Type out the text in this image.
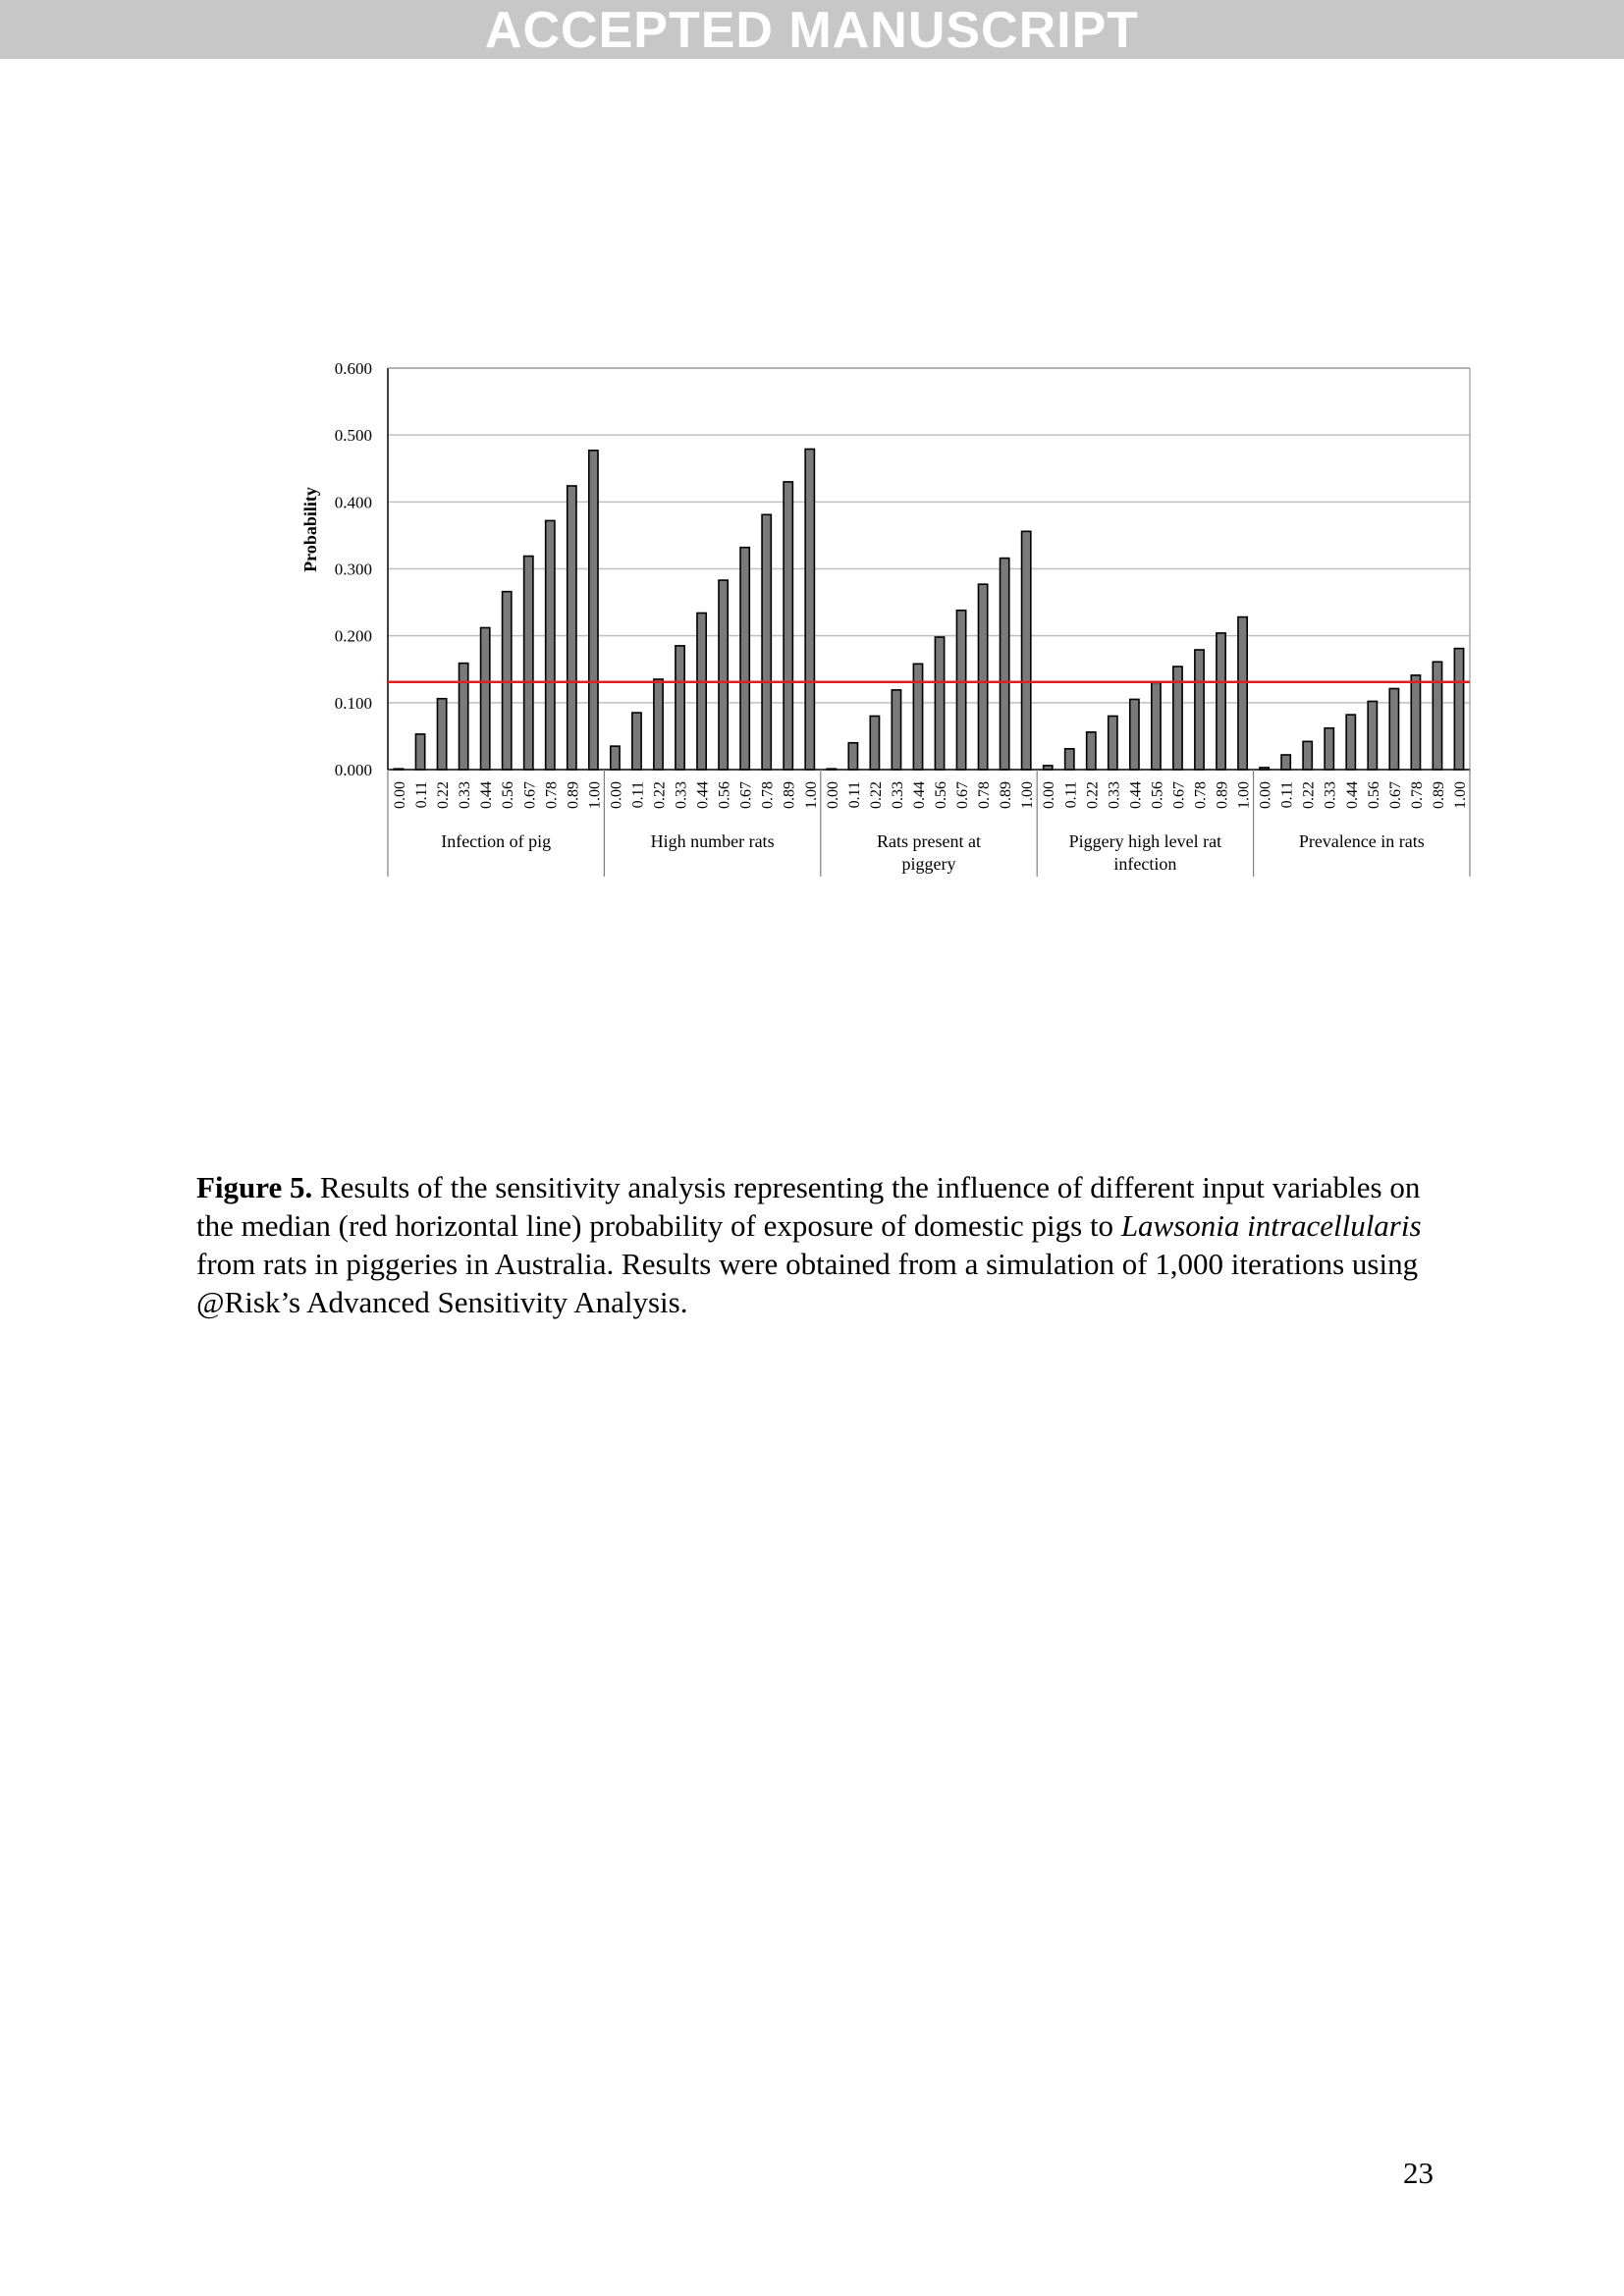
ACCEPTED MANUSCRIPT
0.000
0.100
0.200
0.300
0.400
0.500
0.600
Probability
0.00 0.11 0.22 0.33 0.44 0.56 0.67 0.78 0.89 1.00 0.00 0.11 0.22 0.33 0.44 0.56 0.67 0.78 0.89 1.00 0.00 0.11 0.22 0.33 0.44 0.56 0.67 0.78 0.89 1.00 0.00 0.11 0.22 0.33 0.44 0.56 0.67 0.78 0.89 1.00 0.00 0.11 0.22 0.33 0.44 0.56 0.67 0.78 0.89 1.00
Infection of pig	High number rats	Rats present at piggery
Piggery high level rat infection
Prevalence in rats

Figure 5. Results of the sensitivity analysis representing the influence of different input variables on the median (red horizontal line) probability of exposure of domestic pigs to Lawsonia intracellularis from rats in piggeries in Australia. Results were obtained from a simulation of 1,000 iterations using @Risk’s Advanced Sensitivity Analysis.

23
